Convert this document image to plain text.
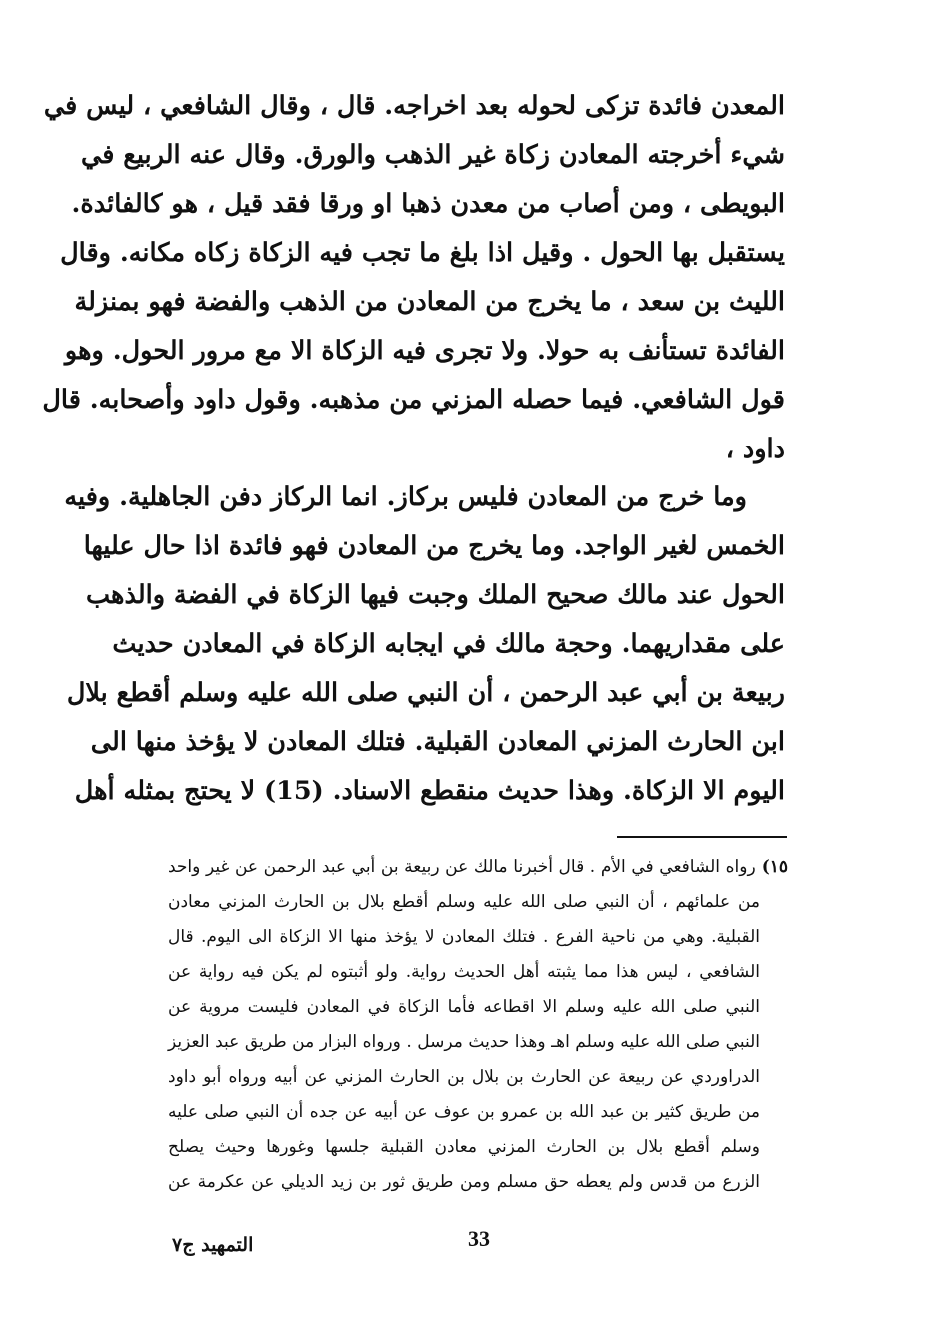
المعدن فائدة تزكى لحوله بعد اخراجه. قال ، وقال الشافعي ، ليس في
شيء أخرجته المعادن زكاة غير الذهب والورق. وقال عنه الربيع في
البويطى ، ومن أصاب من معدن ذهبا او ورقا فقد قيل ، هو كالفائدة.
يستقبل بها الحول . وقيل اذا بلغ ما تجب فيه الزكاة زكاه مكانه. وقال
الليث بن سعد ، ما يخرج من المعادن من الذهب والفضة فهو بمنزلة
الفائدة تستأنف به حولا. ولا تجرى فيه الزكاة الا مع مرور الحول. وهو
قول الشافعي. فيما حصله المزني من مذهبه. وقول داود وأصحابه. قال
داود ،
وما خرج من المعادن فليس بركاز. انما الركاز دفن الجاهلية. وفيه
الخمس لغير الواجد. وما يخرج من المعادن فهو فائدة اذا حال عليها
الحول عند مالك صحيح الملك وجبت فيها الزكاة في الفضة والذهب
على مقداريهما. وحجة مالك في ايجابه الزكاة في المعادن حديث
ربيعة بن أبي عبد الرحمن ، أن النبي صلى الله عليه وسلم أقطع بلال
ابن الحارث المزني المعادن القبلية. فتلك المعادن لا يؤخذ منها الى
اليوم الا الزكاة. وهذا حديث منقطع الاسناد. (15) لا يحتج بمثله أهل
١٥)رواه الشافعي في الأم . قال أخبرنا مالك عن ربيعة بن أبي عبد الرحمن عن غير واحد
من علمائهم ، أن النبي صلى الله عليه وسلم أقطع بلال بن الحارث المزني معادن
القبلية. وهي من ناحية الفرع . فتلك المعادن لا يؤخذ منها الا الزكاة الى اليوم. قال
الشافعي ، ليس هذا مما يثبته أهل الحديث رواية. ولو أثبتوه لم يكن فيه رواية عن
النبي صلى الله عليه وسلم الا اقطاعه فأما الزكاة في المعادن فليست مروية عن
النبي صلى الله عليه وسلم اهـ وهذا حديث مرسل . ورواه البزار من طريق عبد العزيز
الدراوردي عن ربيعة عن الحارث بن بلال بن الحارث المزني عن أبيه ورواه أبو داود
من طريق كثير بن عبد الله بن عمرو بن عوف عن أبيه عن جده أن النبي صلى عليه
وسلم أقطع بلال بن الحارث المزني معادن القبلية جلسها وغورها وحيث يصلح
الزرع من قدس ولم يعطه حق مسلم ومن طريق ثور بن زيد الديلي عن عكرمة عن
33
التمهيد ج٧
